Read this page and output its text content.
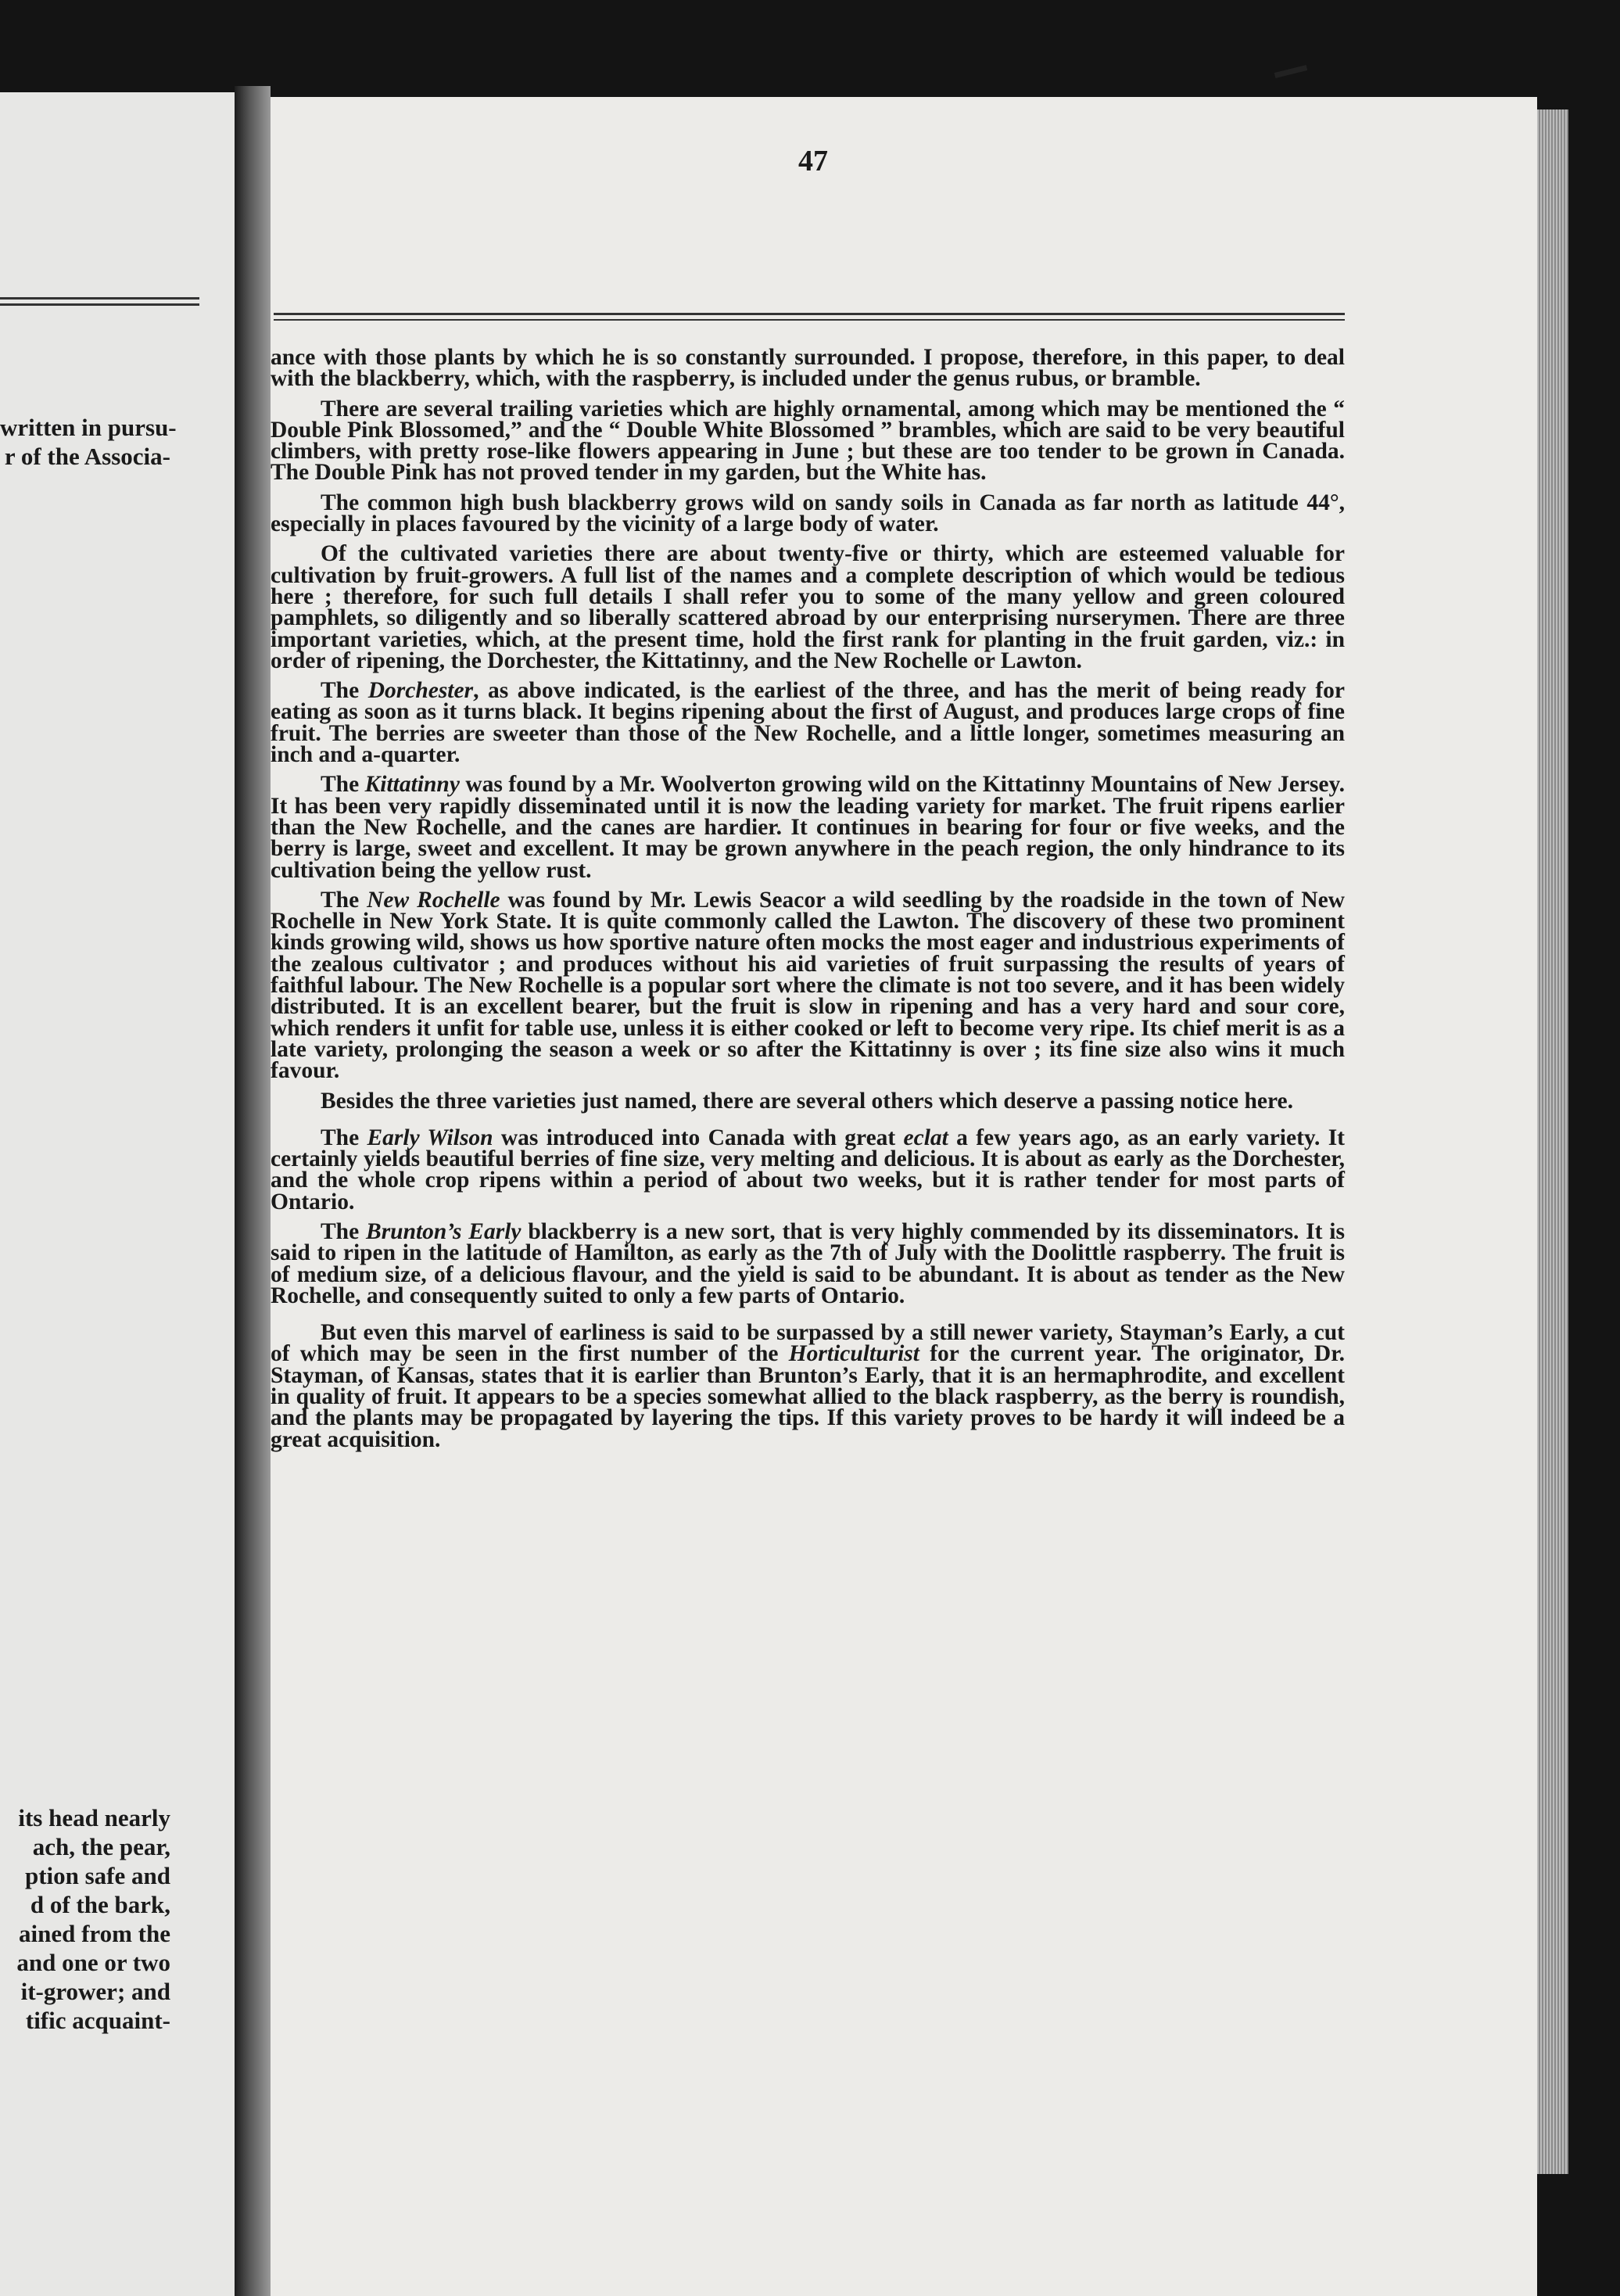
written in pursu-
r of the Associa-
its head nearly
ach, the pear,
ption safe and
d of the bark,
ained from the
and one or two
it-grower; and
tific acquaint-
47

ance with those plants by which he is so constantly surrounded. I propose, therefore, in this paper, to deal with the blackberry, which, with the raspberry, is included under the genus rubus, or bramble.

There are several trailing varieties which are highly ornamental, among which may be mentioned the “ Double Pink Blossomed,” and the “ Double White Blossomed ” brambles, which are said to be very beautiful climbers, with pretty rose-like flowers appearing in June ; but these are too tender to be grown in Canada. The Double Pink has not proved tender in my garden, but the White has.

The common high bush blackberry grows wild on sandy soils in Canada as far north as latitude 44°, especially in places favoured by the vicinity of a large body of water.

Of the cultivated varieties there are about twenty-five or thirty, which are esteemed valuable for cultivation by fruit-growers. A full list of the names and a complete description of which would be tedious here ; therefore, for such full details I shall refer you to some of the many yellow and green coloured pamphlets, so diligently and so liberally scattered abroad by our enterprising nurserymen. There are three important varieties, which, at the present time, hold the first rank for planting in the fruit garden, viz.: in order of ripening, the Dorchester, the Kittatinny, and the New Rochelle or Lawton.

The Dorchester, as above indicated, is the earliest of the three, and has the merit of being ready for eating as soon as it turns black. It begins ripening about the first of August, and produces large crops of fine fruit. The berries are sweeter than those of the New Rochelle, and a little longer, sometimes measuring an inch and a-quarter.

The Kittatinny was found by a Mr. Woolverton growing wild on the Kittatinny Mountains of New Jersey. It has been very rapidly disseminated until it is now the leading variety for market. The fruit ripens earlier than the New Rochelle, and the canes are hardier. It continues in bearing for four or five weeks, and the berry is large, sweet and excellent. It may be grown anywhere in the peach region, the only hindrance to its cultivation being the yellow rust.

The New Rochelle was found by Mr. Lewis Seacor a wild seedling by the roadside in the town of New Rochelle in New York State. It is quite commonly called the Lawton. The discovery of these two prominent kinds growing wild, shows us how sportive nature often mocks the most eager and industrious experiments of the zealous cultivator ; and produces without his aid varieties of fruit surpassing the results of years of faithful labour. The New Rochelle is a popular sort where the climate is not too severe, and it has been widely distributed. It is an excellent bearer, but the fruit is slow in ripening and has a very hard and sour core, which renders it unfit for table use, unless it is either cooked or left to become very ripe. Its chief merit is as a late variety, prolonging the season a week or so after the Kittatinny is over ; its fine size also wins it much favour.

Besides the three varieties just named, there are several others which deserve a passing notice here.

The Early Wilson was introduced into Canada with great eclat a few years ago, as an early variety. It certainly yields beautiful berries of fine size, very melting and delicious. It is about as early as the Dorchester, and the whole crop ripens within a period of about two weeks, but it is rather tender for most parts of Ontario.

The Brunton’s Early blackberry is a new sort, that is very highly commended by its disseminators. It is said to ripen in the latitude of Hamilton, as early as the 7th of July with the Doolittle raspberry. The fruit is of medium size, of a delicious flavour, and the yield is said to be abundant. It is about as tender as the New Rochelle, and consequently suited to only a few parts of Ontario.

But even this marvel of earliness is said to be surpassed by a still newer variety, Stayman’s Early, a cut of which may be seen in the first number of the Horticulturist for the current year. The originator, Dr. Stayman, of Kansas, states that it is earlier than Brunton’s Early, that it is an hermaphrodite, and excellent in quality of fruit. It appears to be a species somewhat allied to the black raspberry, as the berry is roundish, and the plants may be propagated by layering the tips. If this variety proves to be hardy it will indeed be a great acquisition.
